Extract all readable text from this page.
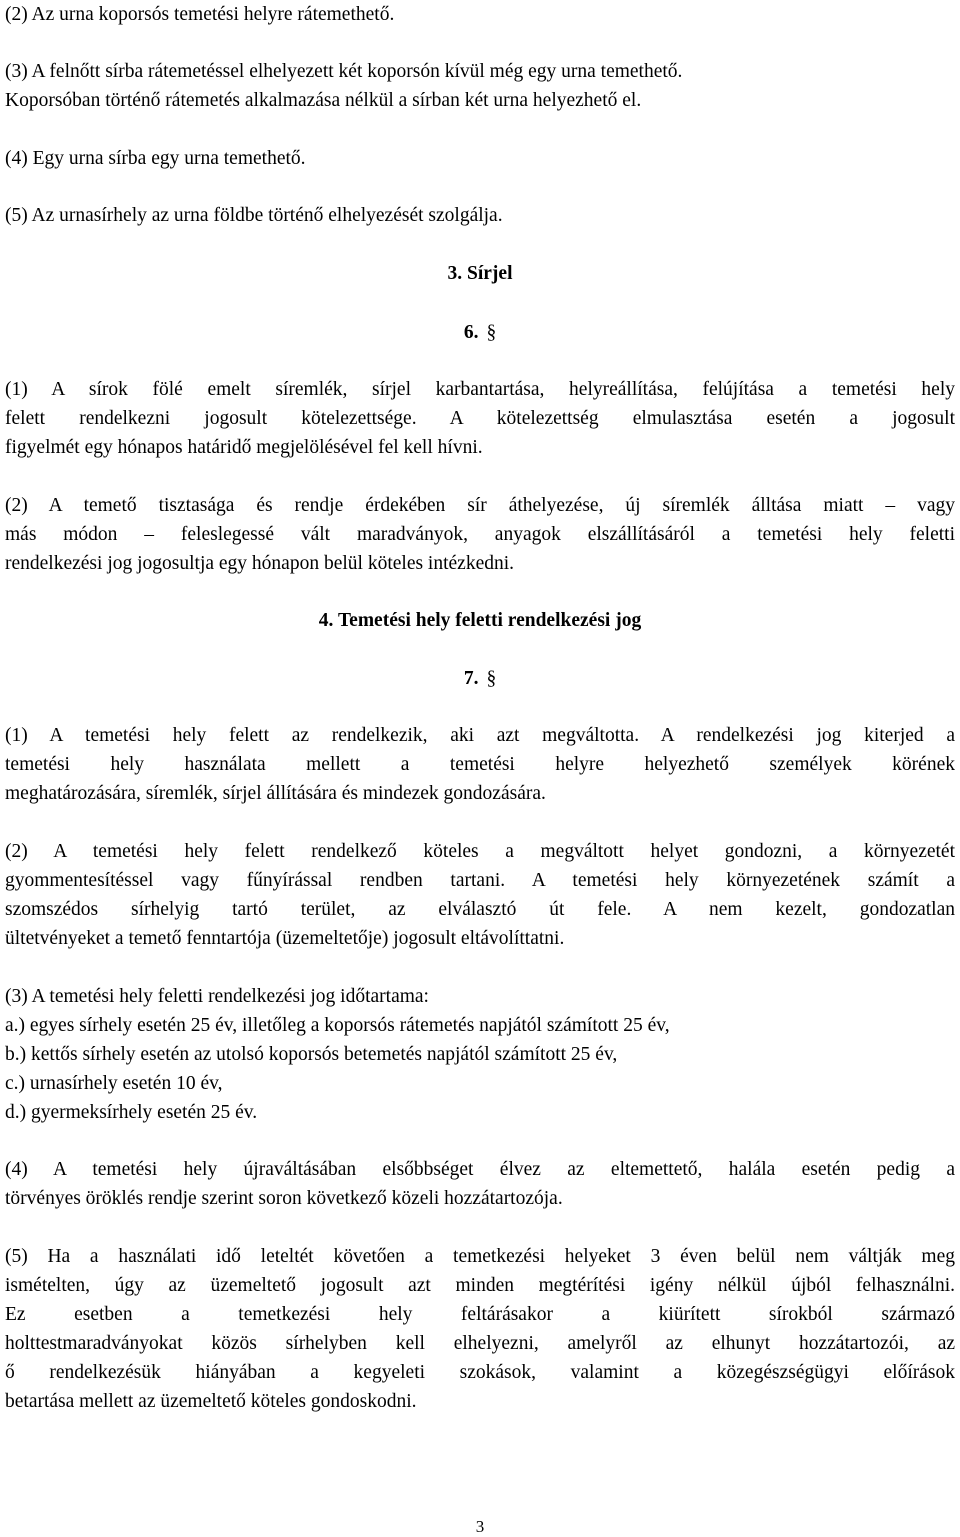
(2) Az urna koporsós temetési helyre rátemethető.

(3) A felnőtt sírba rátemetéssel elhelyezett két koporsón kívül még egy urna temethető.

Koporsóban történő rátemetés alkalmazása nélkül a sírban két urna helyezhető el.

(4) Egy urna sírba egy urna temethető.

(5) Az urnasírhely az urna földbe történő elhelyezését szolgálja.

3. Sírjel

6. §

(1) A sírok fölé emelt síremlék, sírjel karbantartása, helyreállítása, felújítása a temetési hely

felett rendelkezni jogosult kötelezettsége. A kötelezettség elmulasztása esetén a jogosult

figyelmét egy hónapos határidő megjelölésével fel kell hívni.

(2) A temető tisztasága és rendje érdekében sír áthelyezése, új síremlék álltása miatt – vagy

más módon – feleslegessé vált maradványok, anyagok elszállításáról a temetési hely feletti

rendelkezési jog jogosultja egy hónapon belül köteles intézkedni.

4. Temetési hely feletti rendelkezési jog

7. §

(1) A temetési hely felett az rendelkezik, aki azt megváltotta. A rendelkezési jog kiterjed a

temetési hely használata mellett a temetési helyre helyezhető személyek körének

meghatározására, síremlék, sírjel állítására és mindezek gondozására.

(2) A temetési hely felett rendelkező köteles a megváltott helyet gondozni, a környezetét

gyommentesítéssel vagy fűnyírással rendben tartani. A temetési hely környezetének számít a

szomszédos sírhelyig tartó terület, az elválasztó út fele. A nem kezelt, gondozatlan

ültetvényeket a temető fenntartója (üzemeltetője) jogosult eltávolíttatni.

(3) A temetési hely feletti rendelkezési jog időtartama:

a.) egyes sírhely esetén 25 év, illetőleg a koporsós rátemetés napjától számított 25 év,

b.) kettős sírhely esetén az utolsó koporsós betemetés napjától számított 25 év,

c.) urnasírhely esetén 10 év,

d.) gyermeksírhely esetén 25 év.

(4) A temetési hely újraváltásában elsőbbséget élvez az eltemettető, halála esetén pedig a

törvényes öröklés rendje szerint soron következő közeli hozzátartozója.

(5) Ha a használati idő leteltét követően a temetkezési helyeket 3 éven belül nem váltják meg

ismételten, úgy az üzemeltető jogosult azt minden megtérítési igény nélkül újból felhasználni.

Ez esetben a temetkezési hely feltárásakor a kiürített sírokból származó

holttestmaradványokat közös sírhelyben kell elhelyezni, amelyről az elhunyt hozzátartozói, az

ő rendelkezésük hiányában a kegyeleti szokások, valamint a közegészségügyi előírások

betartása mellett az üzemeltető köteles gondoskodni.

3
